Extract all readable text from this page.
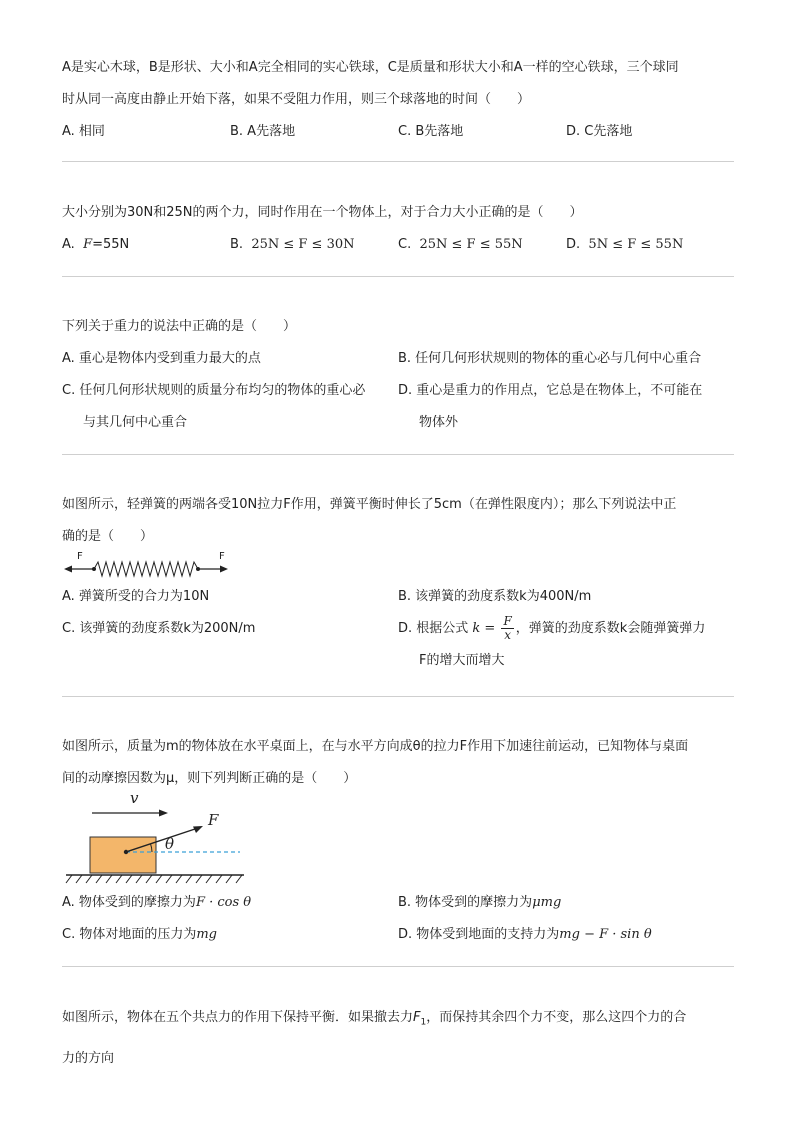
A是实心木球，B是形状、大小和A完全相同的实心铁球，C是质量和形状大小和A一样的空心铁球，三个球同

时从同一高度由静止开始下落，如果不受阻力作用，则三个球落地的时间（　　）

A. 相同	B. A先落地	C. B先落地	D. C先落地

大小分别为30N和25N的两个力，同时作用在一个物体上，对于合力大小正确的是（　　）

A. F=55N	B. 25N ≤ F ≤ 30N	C. 25N ≤ F ≤ 55N	D. 5N ≤ F ≤ 55N

下列关于重力的说法中正确的是（　　）

A. 重心是物体内受到重力最大的点	B. 任何几何形状规则的物体的重心必与几何中心重合
C. 任何几何形状规则的质量分布均匀的物体的重心必	D. 重心是重力的作用点，它总是在物体上，不可能在
与其几何中心重合	物体外

如图所示，轻弹簧的两端各受10N拉力F作用，弹簧平衡时伸长了5cm（在弹性限度内）；那么下列说法中正

确的是（　　）

F	F
A. 弹簧所受的合力为10N	B. 该弹簧的劲度系数k为400N/m
C. 该弹簧的劲度系数k为200N/m	D. 根据公式 $k = \frac{F}{x}$ ，弹簧的劲度系数k会随弹簧弹力
F的增大而增大

如图所示，质量为m的物体放在水平桌面上，在与水平方向成θ的拉力F作用下加速往前运动，已知物体与桌面

间的动摩擦因数为μ，则下列判断正确的是（　　）

v
F
θ
A. 物体受到的摩擦力为F · cos θ	B. 物体受到的摩擦力为μmg
C. 物体对地面的压力为mg	D. 物体受到地面的支持力为mg − F · sin θ

如图所示，物体在五个共点力的作用下保持平衡．如果撤去力$F_1$，而保持其余四个力不变，那么这四个力的合

力的方向
